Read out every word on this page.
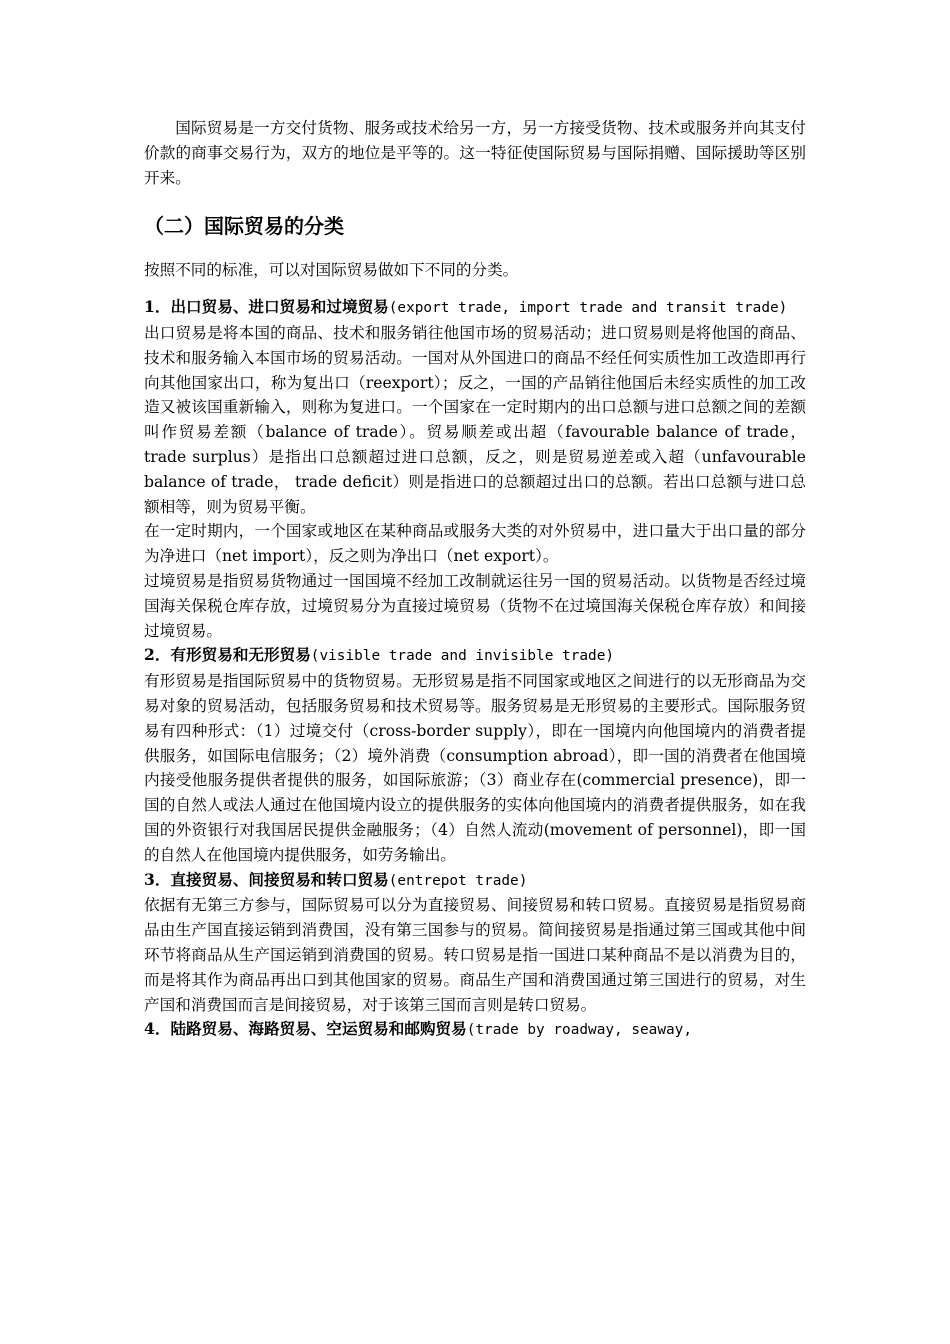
国际贸易是一方交付货物、服务或技术给另一方，另一方接受货物、技术或服务并向其支付价款的商事交易行为，双方的地位是平等的。这一特征使国际贸易与国际捐赠、国际援助等区别开来。

（二）国际贸易的分类

按照不同的标准，可以对国际贸易做如下不同的分类。

1．出口贸易、进口贸易和过境贸易(export trade, import trade and transit trade)

出口贸易是将本国的商品、技术和服务销往他国市场的贸易活动；进口贸易则是将他国的商品、技术和服务输入本国市场的贸易活动。一国对从外国进口的商品不经任何实质性加工改造即再行向其他国家出口，称为复出口（reexport）；反之，一国的产品销往他国后未经实质性的加工改造又被该国重新输入，则称为复进口。一个国家在一定时期内的出口总额与进口总额之间的差额叫作贸易差额（balance of trade）。贸易顺差或出超（favourable balance of trade， trade surplus）是指出口总额超过进口总额，反之，则是贸易逆差或入超（unfavourable balance of trade， trade deficit）则是指进口的总额超过出口的总额。若出口总额与进口总额相等，则为贸易平衡。

在一定时期内，一个国家或地区在某种商品或服务大类的对外贸易中，进口量大于出口量的部分为净进口（net import），反之则为净出口（net export）。

过境贸易是指贸易货物通过一国国境不经加工改制就运往另一国的贸易活动。以货物是否经过境国海关保税仓库存放，过境贸易分为直接过境贸易（货物不在过境国海关保税仓库存放）和间接过境贸易。

2．有形贸易和无形贸易(visible trade and invisible trade)

有形贸易是指国际贸易中的货物贸易。无形贸易是指不同国家或地区之间进行的以无形商品为交易对象的贸易活动，包括服务贸易和技术贸易等。服务贸易是无形贸易的主要形式。国际服务贸易有四种形式：（1）过境交付（cross-border supply），即在一国境内向他国境内的消费者提供服务，如国际电信服务；（2）境外消费（consumption abroad），即一国的消费者在他国境内接受他服务提供者提供的服务，如国际旅游；（3）商业存在(commercial presence)，即一国的自然人或法人通过在他国境内设立的提供服务的实体向他国境内的消费者提供服务，如在我国的外资银行对我国居民提供金融服务；（4）自然人流动(movement of personnel)，即一国的自然人在他国境内提供服务，如劳务输出。

3．直接贸易、间接贸易和转口贸易(entrepot trade)

依据有无第三方参与，国际贸易可以分为直接贸易、间接贸易和转口贸易。直接贸易是指贸易商品由生产国直接运销到消费国，没有第三国参与的贸易。简间接贸易是指通过第三国或其他中间环节将商品从生产国运销到消费国的贸易。转口贸易是指一国进口某种商品不是以消费为目的，而是将其作为商品再出口到其他国家的贸易。商品生产国和消费国通过第三国进行的贸易，对生产国和消费国而言是间接贸易，对于该第三国而言则是转口贸易。

4．陆路贸易、海路贸易、空运贸易和邮购贸易(trade by roadway, seaway,
